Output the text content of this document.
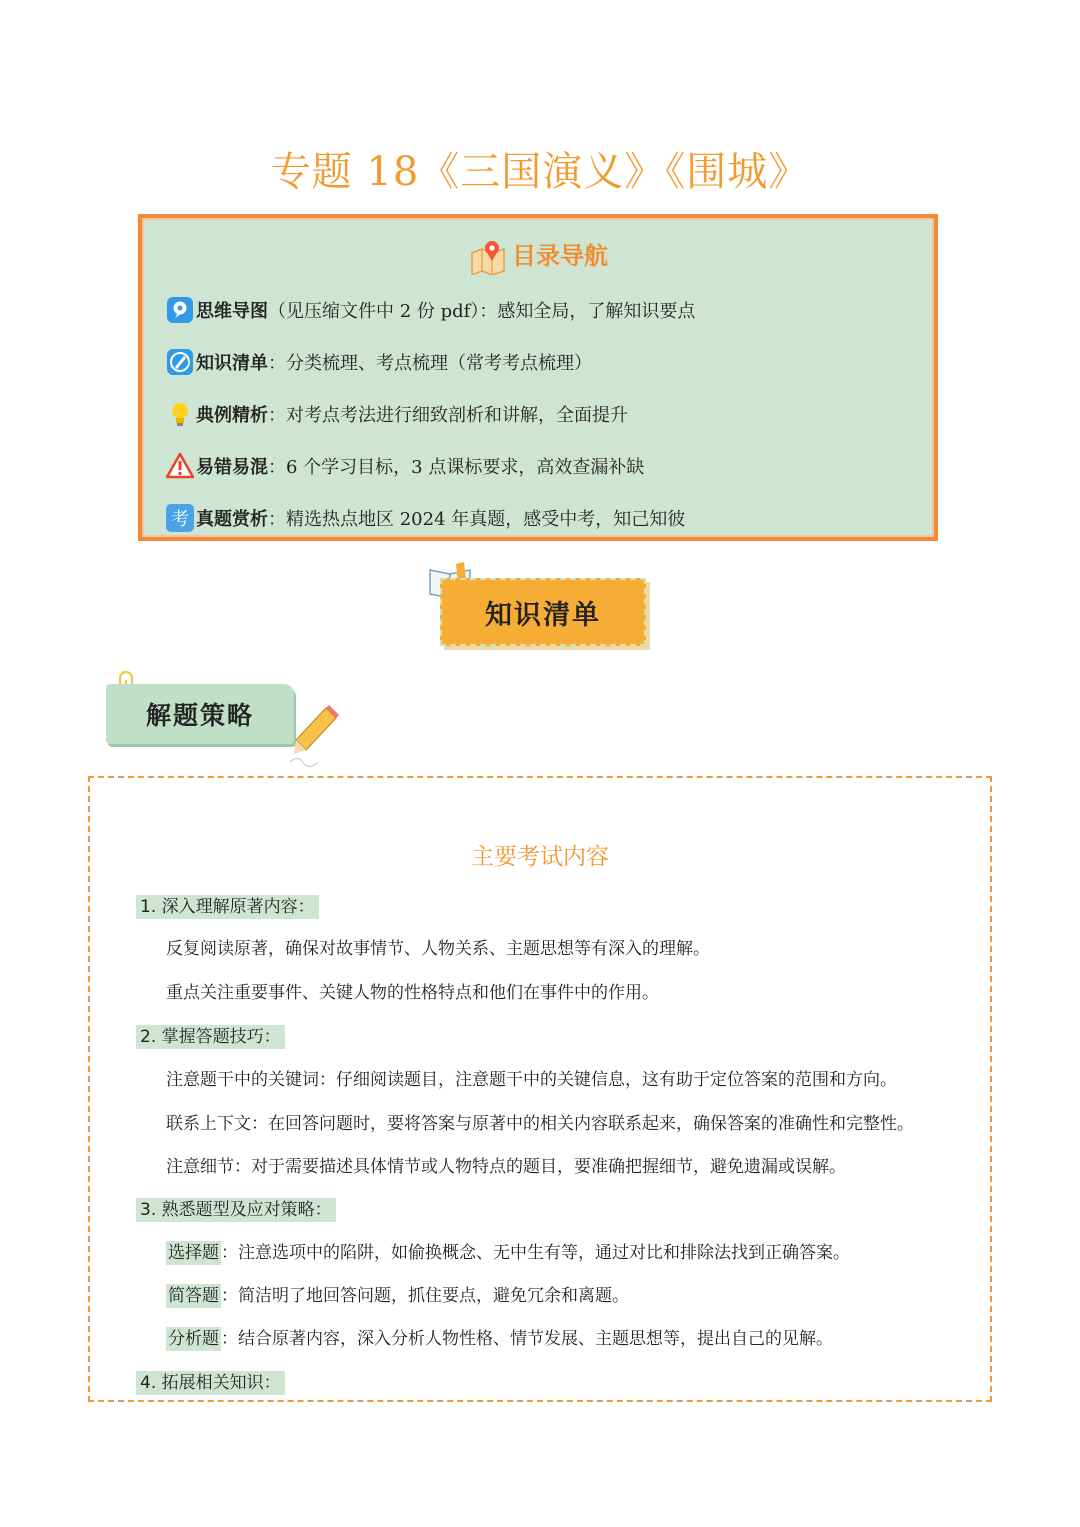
专题 18《三国演义》《围城》
目录导航
思维导图 （见压缩文件中 2 份 pdf）：感知全局，了解知识要点
知识清单 ：分类梳理、考点梳理（常考考点梳理）
典例精析 ：对考点考法进行细致剖析和讲解，全面提升
易错易混 ：6 个学习目标，3 点课标要求，高效查漏补缺
考 真题赏析 ：精选热点地区 2024 年真题，感受中考，知己知彼
知识清单
解题策略
主要考试内容
1. 深入理解原著内容：
反复阅读原著，确保对故事情节、人物关系、主题思想等有深入的理解。
重点关注重要事件、关键人物的性格特点和他们在事件中的作用。
2. 掌握答题技巧：
注意题干中的关键词：仔细阅读题目，注意题干中的关键信息，这有助于定位答案的范围和方向。
联系上下文：在回答问题时，要将答案与原著中的相关内容联系起来，确保答案的准确性和完整性。
注意细节：对于需要描述具体情节或人物特点的题目，要准确把握细节，避免遗漏或误解。
3. 熟悉题型及应对策略：
选择题 ：注意选项中的陷阱，如偷换概念、无中生有等，通过对比和排除法找到正确答案。
简答题 ：简洁明了地回答问题，抓住要点，避免冗余和离题。
分析题 ：结合原著内容，深入分析人物性格、情节发展、主题思想等，提出自己的见解。
4. 拓展相关知识：
